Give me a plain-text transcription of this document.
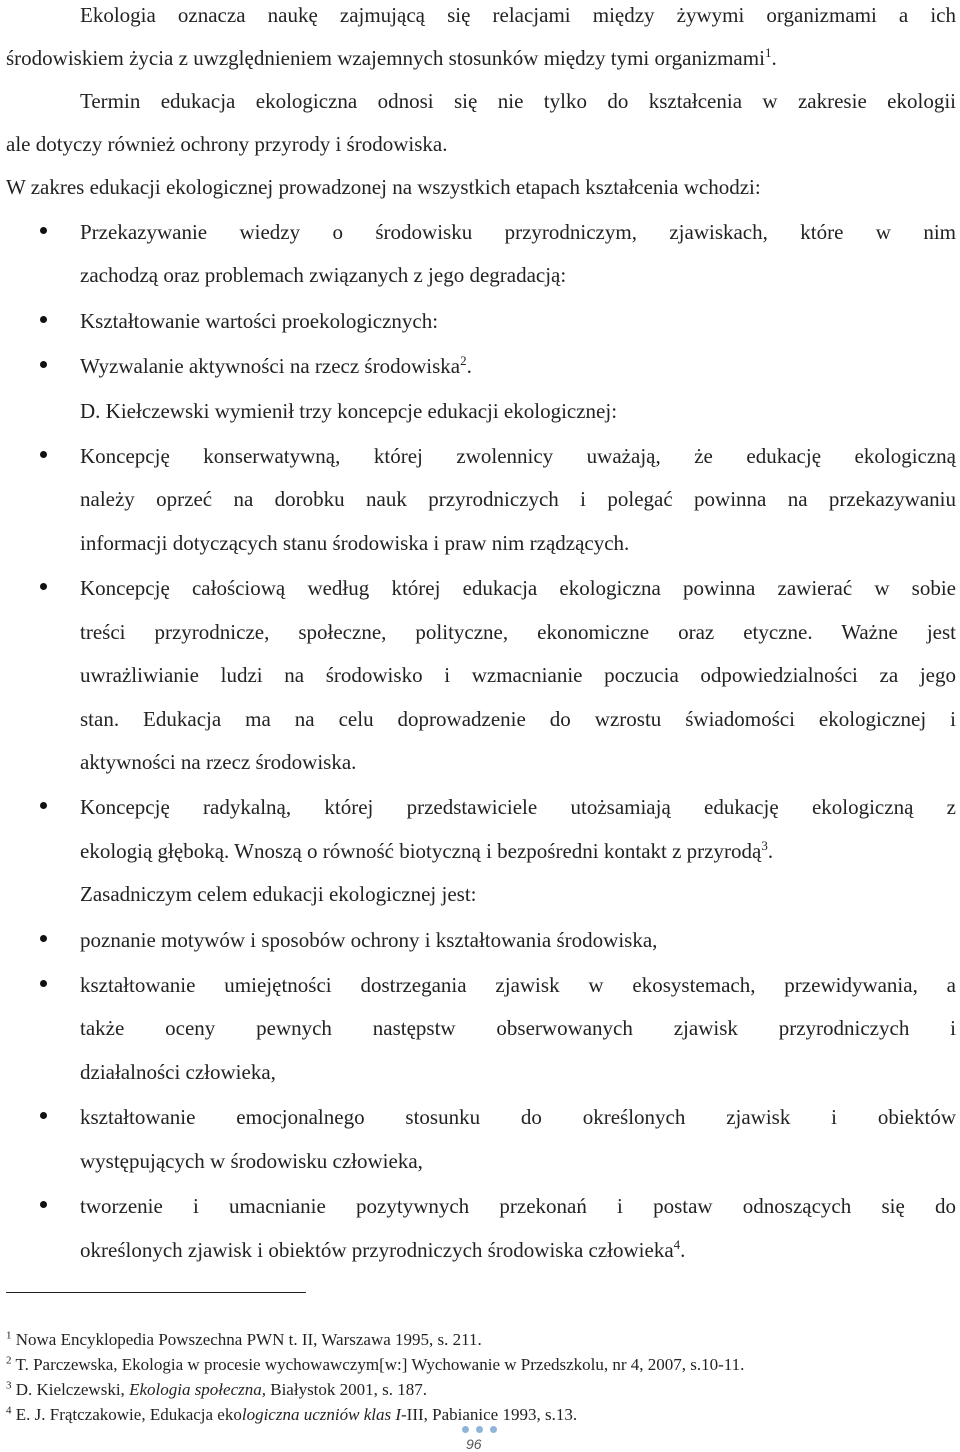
Ekologia oznacza naukę zajmującą się relacjami między żywymi organizmami a ich
środowiskiem życia z uwzględnieniem wzajemnych stosunków między tymi organizmami$^1$.
Termin edukacja ekologiczna odnosi się nie tylko do kształcenia w zakresie ekologii
ale dotyczy również ochrony przyrody i środowiska.
W zakres edukacji ekologicznej prowadzonej na wszystkich etapach kształcenia wchodzi:
Przekazywanie wiedzy o środowisku przyrodniczym, zjawiskach, które w nim
zachodzą oraz problemach związanych z jego degradacją:
Kształtowanie wartości proekologicznych:
Wyzwalanie aktywności na rzecz środowiska$^2$.
D. Kiełczewski wymienił trzy koncepcje edukacji ekologicznej:
Koncepcję konserwatywną, której zwolennicy uważają, że edukację ekologiczną
należy oprzeć na dorobku nauk przyrodniczych i polegać powinna na przekazywaniu
informacji dotyczących stanu środowiska i praw nim rządzących.
Koncepcję całościową według której edukacja ekologiczna powinna zawierać w sobie
treści przyrodnicze, społeczne, polityczne, ekonomiczne oraz etyczne. Ważne jest
uwrażliwianie ludzi na środowisko i wzmacnianie poczucia odpowiedzialności za jego
stan. Edukacja ma na celu doprowadzenie do wzrostu świadomości ekologicznej i
aktywności na rzecz środowiska.
Koncepcję radykalną, której przedstawiciele utożsamiają edukację ekologiczną z
ekologią głęboką. Wnoszą o równość biotyczną i bezpośredni kontakt z przyrodą$^3$.
Zasadniczym celem edukacji ekologicznej jest:
poznanie motywów i sposobów ochrony i kształtowania środowiska,
kształtowanie umiejętności dostrzegania zjawisk w ekosystemach, przewidywania, a
także oceny pewnych następstw obserwowanych zjawisk przyrodniczych i
działalności człowieka,
kształtowanie emocjonalnego stosunku do określonych zjawisk i obiektów
występujących w środowisku człowieka,
tworzenie i umacnianie pozytywnych przekonań i postaw odnoszących się do
określonych zjawisk i obiektów przyrodniczych środowiska człowieka$^4$.
$^1$ Nowa Encyklopedia Powszechna PWN t. II, Warszawa 1995, s. 211.
$^2$ T. Parczewska, Ekologia w procesie wychowawczym[w:] Wychowanie w Przedszkolu, nr 4, 2007, s.10-11.
$^3$ D. Kielczewski, Ekologia społeczna, Białystok 2001, s. 187.
$^4$ E. J. Frątczakowie, Edukacja ekologiczna uczniów klas I-III, Pabianice 1993, s.13.
96
